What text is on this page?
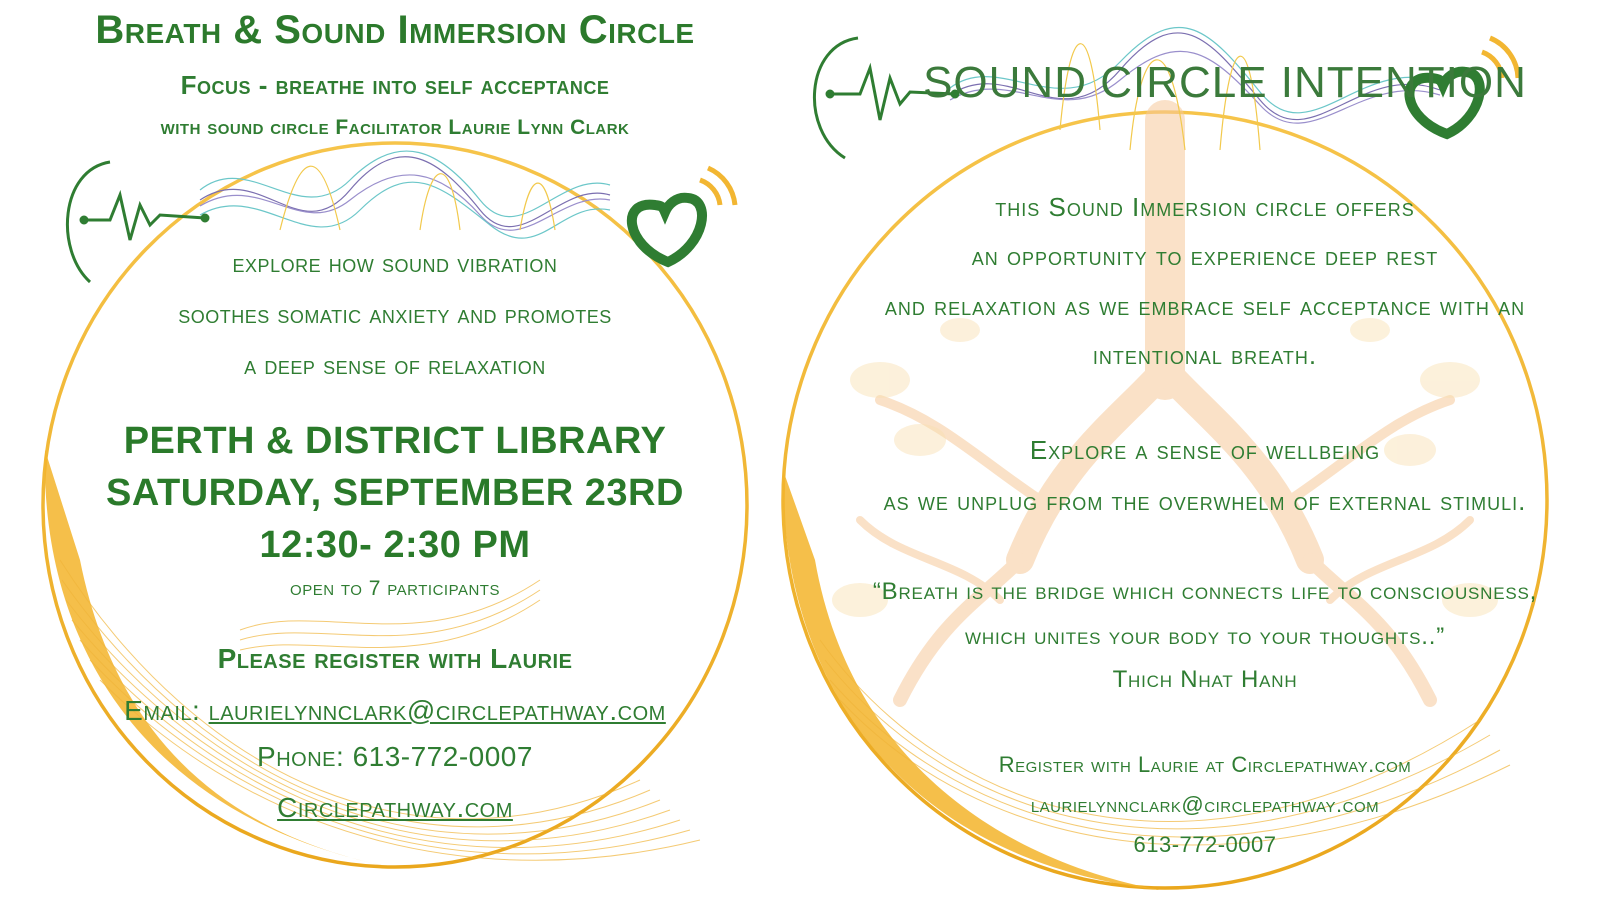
Breath & Sound Immersion Circle

Focus - breathe into self acceptance

with sound circle Facilitator Laurie Lynn Clark

explore how sound vibration

soothes somatic anxiety and promotes

a deep sense of relaxation

PERTH & DISTRICT LIBRARY

SATURDAY, SEPTEMBER 23RD

12:30- 2:30 PM

open to 7 participants

Please register with Laurie

Email: laurielynnclark@circlepathway.com

Phone: 613-772-0007

Circlepathway.com

SOUND CIRCLE INTENTION

this Sound Immersion circle offers

an opportunity to experience deep rest

and relaxation as we embrace self acceptance with an

intentional breath.

Explore a sense of wellbeing

as we unplug from the overwhelm of external stimuli.

“Breath is the bridge which connects life to consciousness,

which unites your body to your thoughts..”

Thich Nhat Hanh

Register with Laurie at Circlepathway.com

laurielynnclark@circlepathway.com

613-772-0007
